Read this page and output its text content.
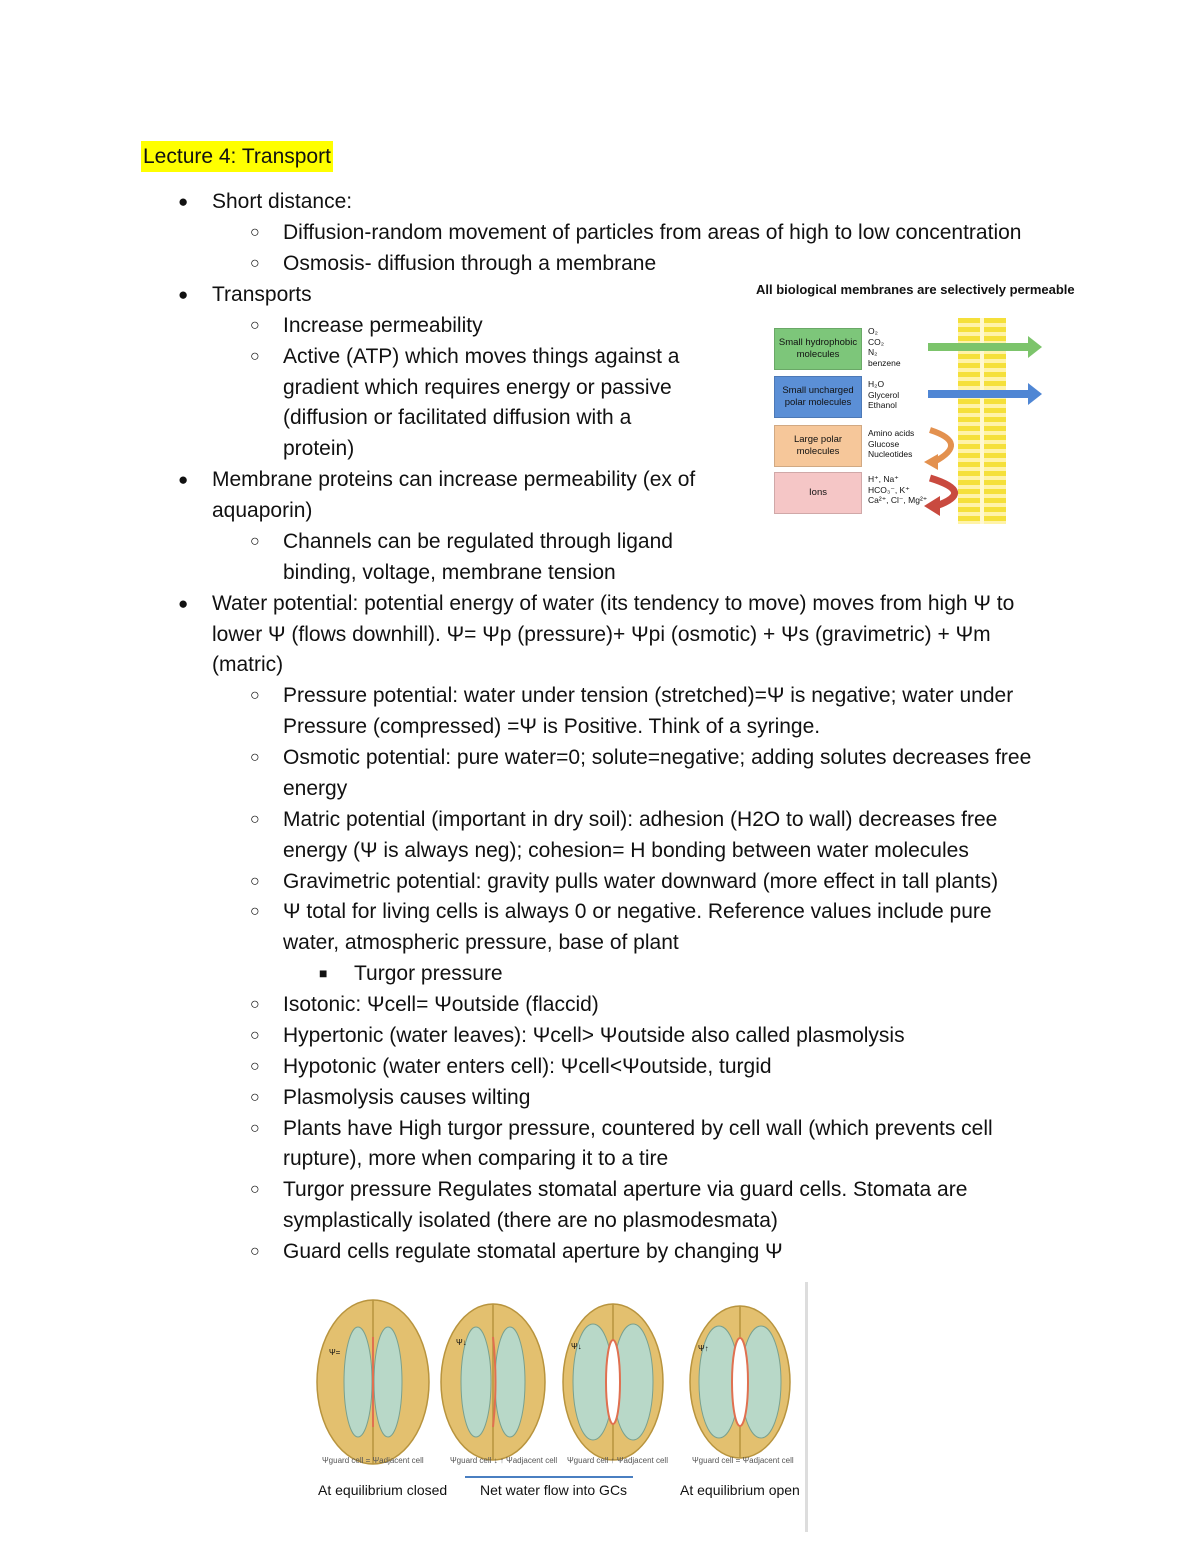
Lecture 4: Transport
● Short distance:
○ Diffusion-random movement of particles from areas of high to low concentration
○ Osmosis- diffusion through a membrane
● Transports
○ Increase permeability
○ Active (ATP) which moves things against a
gradient which requires energy or passive
(diffusion or facilitated diffusion with a
protein)
● Membrane proteins can increase permeability (ex of
aquaporin)
○ Channels can be regulated through ligand
binding, voltage, membrane tension
● Water potential: potential energy of water (its tendency to move) moves from high Ψ to
lower Ψ (flows downhill). Ψ= Ψp (pressure)+ Ψpi (osmotic) + Ψs (gravimetric) + Ψm
(matric)
○ Pressure potential: water under tension (stretched)=Ψ is negative; water under
Pressure (compressed) =Ψ is Positive. Think of a syringe.
○ Osmotic potential: pure water=0; solute=negative; adding solutes decreases free
energy
○ Matric potential (important in dry soil): adhesion (H2O to wall) decreases free
energy (Ψ is always neg); cohesion= H bonding between water molecules
○ Gravimetric potential: gravity pulls water downward (more effect in tall plants)
○ Ψ total for living cells is always 0 or negative. Reference values include pure
water, atmospheric pressure, base of plant
■ Turgor pressure
○ Isotonic: Ψcell= Ψoutside (flaccid)
○ Hypertonic (water leaves): Ψcell> Ψoutside also called plasmolysis
○ Hypotonic (water enters cell): Ψcell<Ψoutside, turgid
○ Plasmolysis causes wilting
○ Plants have High turgor pressure, countered by cell wall (which prevents cell
rupture), more when comparing it to a tire
○ Turgor pressure Regulates stomatal aperture via guard cells. Stomata are
symplastically isolated (there are no plasmodesmata)
○ Guard cells regulate stomatal aperture by changing Ψ
All biological membranes are selectively permeable
Small hydrophobic molecules
O₂
CO₂
N₂
benzene
Small uncharged polar molecules
H₂O
Glycerol
Ethanol
Large polar molecules
Amino acids
Glucose
Nucleotides
Ions
H⁺, Na⁺
HCO₃⁻, K⁺
Ca²⁺, Cl⁻, Mg²⁺
Ψ=
Ψ↓	Ψ↓	Ψ↑
Ψguard cell = Ψadjacent cell	Ψguard cell ↓ ↑ Ψadjacent cell Ψguard cell ↑ Ψadjacent cell	Ψguard cell = Ψadjacent cell
At equilibrium closed Net water flow into GCs	At equilibrium open
